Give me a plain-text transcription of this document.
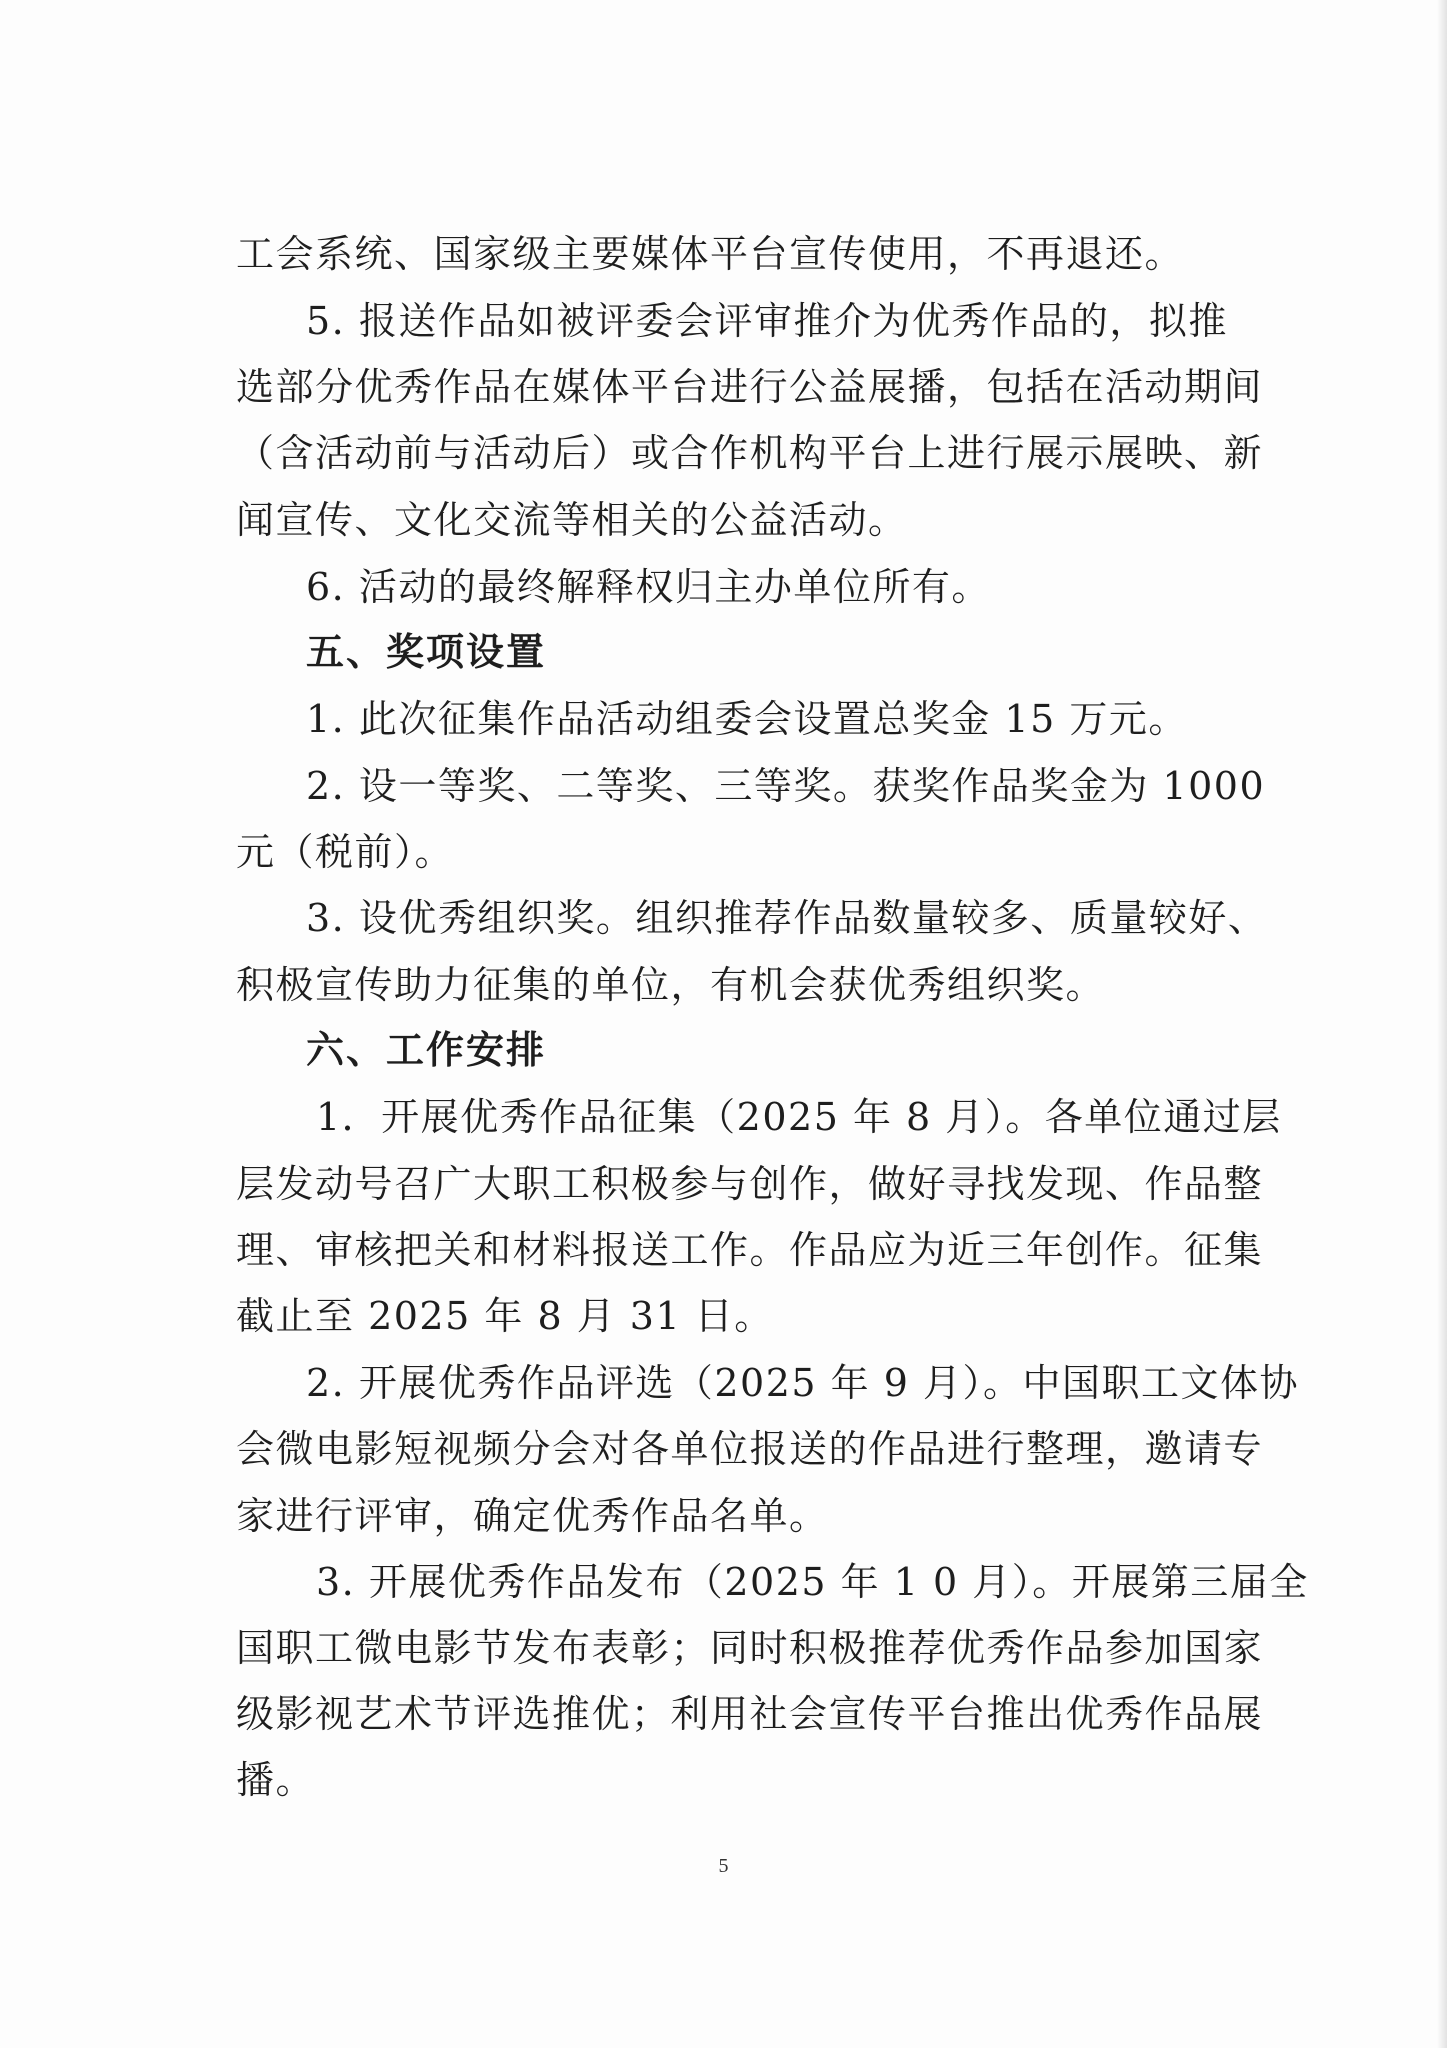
工会系统、国家级主要媒体平台宣传使用，不再退还。
5. 报送作品如被评委会评审推介为优秀作品的，拟推
选部分优秀作品在媒体平台进行公益展播，包括在活动期间
（含活动前与活动后）或合作机构平台上进行展示展映、新
闻宣传、文化交流等相关的公益活动。
6. 活动的最终解释权归主办单位所有。
五、奖项设置
1. 此次征集作品活动组委会设置总奖金 15 万元。
2. 设一等奖、二等奖、三等奖。获奖作品奖金为 1000
元（税前）。
3. 设优秀组织奖。组织推荐作品数量较多、质量较好、
积极宣传助力征集的单位，有机会获优秀组织奖。
六、工作安排
1．开展优秀作品征集（2025 年 8 月）。各单位通过层
层发动号召广大职工积极参与创作，做好寻找发现、作品整
理、审核把关和材料报送工作。作品应为近三年创作。征集
截止至 2025 年 8 月 31 日。
2. 开展优秀作品评选（2025 年 9 月）。中国职工文体协
会微电影短视频分会对各单位报送的作品进行整理，邀请专
家进行评审，确定优秀作品名单。
3. 开展优秀作品发布（2025 年 1 0 月）。开展第三届全
国职工微电影节发布表彰；同时积极推荐优秀作品参加国家
级影视艺术节评选推优；利用社会宣传平台推出优秀作品展
播。
5
